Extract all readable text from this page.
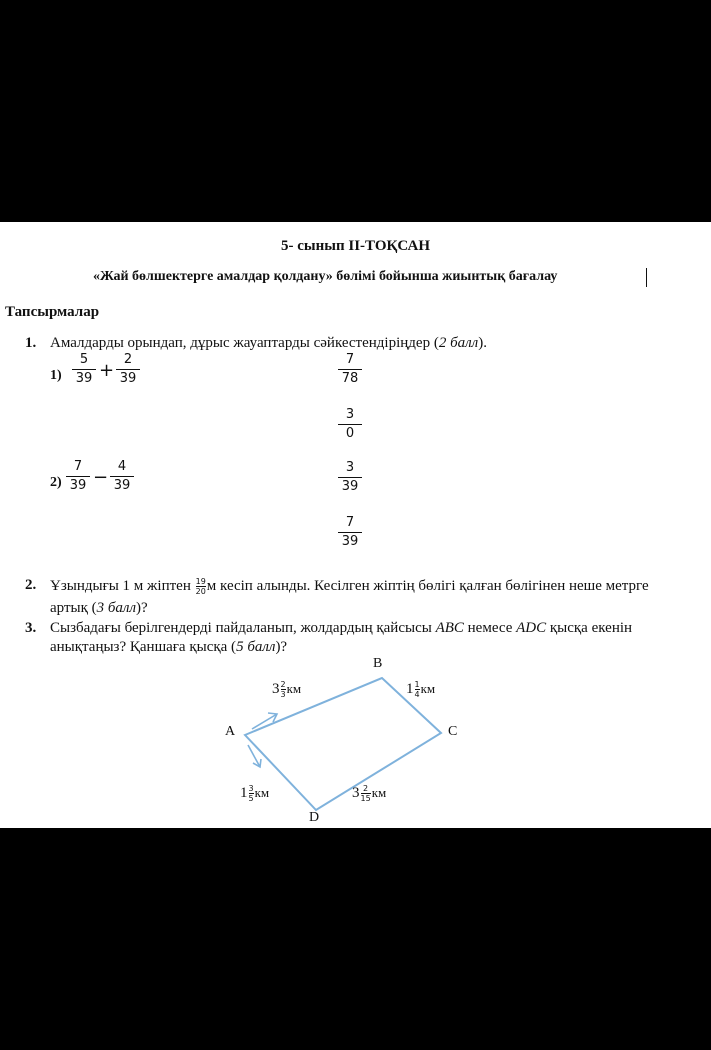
5- сынып II-ТОҚСАН
«Жай бөлшектерге амалдар қолдану» бөлімі бойынша жиынтық бағалау
Тапсырмалар
1. Амалдарды орындап, дұрыс жауаптарды сәйкестендіріңдер (2 балл).
1)
5
39 +
2
39
2)
7
39 −
4
39
7
78
3
0
3
39
7
39
2. Ұзындығы 1 м жіптен $\frac{19}{20}м$ кесіп алынды. Кесілген жіптің бөлігі қалған бөлігінен неше метрге
артық (3 балл)?
3. Сызбадағы берілгендерді пайдаланып, жолдардың қайсысы ABC немесе ADC қысқа екенін
анықтаңыз? Қаншаға қысқа (5 балл)?
B
A	C
D
$3\frac{2}{3}км$	$1\frac{1}{4}км$
$1\frac{3}{5}км$	$3\frac{2}{15}км$
